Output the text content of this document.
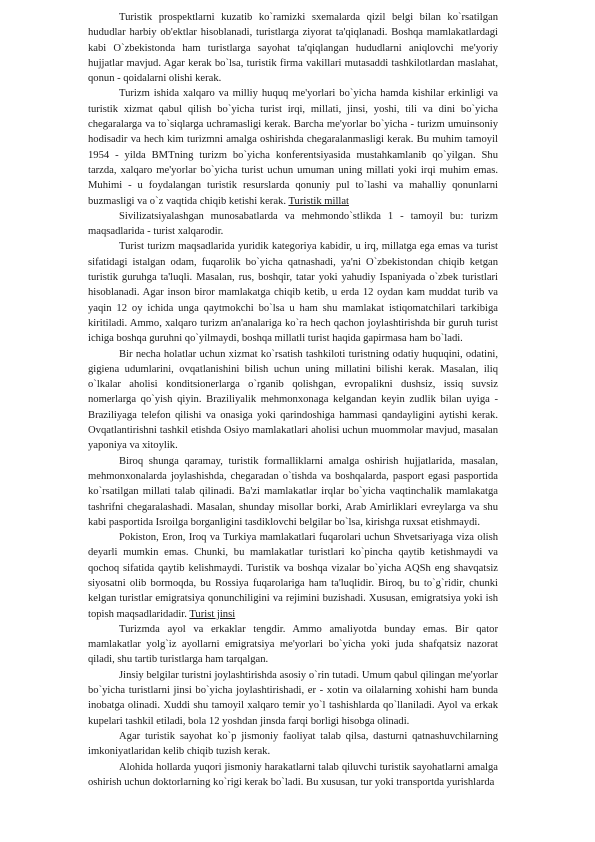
Turistik prospektlarni kuzatib ko`ramizki sxemalarda qizil belgi bilan ko`rsatilgan hududlar harbiy ob'ektlar hisoblanadi, turistlarga ziyorat ta'qiqlanadi. Boshqa mamlakatlardagi kabi O`zbekistonda ham turistlarga sayohat ta'qiqlangan hududlarni aniqlovchi me'yoriy hujjatlar mavjud. Agar kerak bo`lsa, turistik firma vakillari mutasaddi tashkilotlardan maslahat, qonun - qoidalarni olishi kerak.

Turizm ishida xalqaro va milliy huquq me'yorlari bo`yicha hamda kishilar erkinligi va turistik xizmat qabul qilish bo`yicha turist irqi, millati, jinsi, yoshi, tili va dini bo`yicha chegaralarga va to`siqlarga uchramasligi kerak. Barcha me'yorlar bo`yicha - turizm umuinsoniy hodisadir va hech kim turizmni amalga oshirishda chegaralanmasligi kerak. Bu muhim tamoyil 1954 - yilda BMTning turizm bo`yicha konferentsiyasida mustahkamlanib qo`yilgan. Shu tarzda, xalqaro me'yorlar bo`yicha turist uchun umuman uning millati yoki irqi muhim emas. Muhimi - u foydalangan turistik resurslarda qonuniy pul to`lashi va mahalliy qonunlarni buzmasligi va o`z vaqtida chiqib ketishi kerak. Turistik millat

Sivilizatsiyalashgan munosabatlarda va mehmondo`stlikda 1 - tamoyil bu: turizm maqsadlarida - turist xalqarodir.

Turist turizm maqsadlarida yuridik kategoriya kabidir, u irq, millatga ega emas va turist sifatidagi istalgan odam, fuqarolik bo`yicha qatnashadi, ya'ni O`zbekistondan chiqib ketgan turistik guruhga ta'luqli. Masalan, rus, boshqir, tatar yoki yahudiy Ispaniyada o`zbek turistlari hisoblanadi. Agar inson biror mamlakatga chiqib ketib, u erda 12 oydan kam muddat turib va yaqin 12 oy ichida unga qaytmokchi bo`lsa u ham shu mamlakat istiqomatchilari tarkibiga kiritiladi. Ammo, xalqaro turizm an'analariga ko`ra hech qachon joylashtirishda bir guruh turist ichiga boshqa guruhni qo`yilmaydi, boshqa millatli turist haqida gapirmasa ham bo`ladi.

Bir necha holatlar uchun xizmat ko`rsatish tashkiloti turistning odatiy huquqini, odatini, gigiena udumlarini, ovqatlanishini bilish uchun uning millatini bilishi kerak. Masalan, iliq o`lkalar aholisi konditsionerlarga o`rganib qolishgan, evropalikni dushsiz, issiq suvsiz nomerlarga qo`yish qiyin. Braziliyalik mehmonxonaga kelgandan keyin zudlik bilan uyiga - Braziliyaga telefon qilishi va onasiga yoki qarindoshiga hammasi qandayligini aytishi kerak. Ovqatlantirishni tashkil etishda Osiyo mamlakatlari aholisi uchun muommolar mavjud, masalan yaponiya va xitoylik.

Biroq shunga qaramay, turistik formalliklarni amalga oshirish hujjatlarida, masalan, mehmonxonalarda joylashishda, chegaradan o`tishda va boshqalarda, pasport egasi pasportida ko`rsatilgan millati talab qilinadi. Ba'zi mamlakatlar irqlar bo`yicha vaqtinchalik mamlakatga tashrifni chegaralashadi. Masalan, shunday misollar borki, Arab Amirliklari evreylarga va shu kabi pasportida Isroilga borganligini tasdiklovchi belgilar bo`lsa, kirishga ruxsat etishmaydi.

Pokiston, Eron, Iroq va Turkiya mamlakatlari fuqarolari uchun Shvetsariyaga viza olish deyarli mumkin emas. Chunki, bu mamlakatlar turistlari ko`pincha qaytib ketishmaydi va qochoq sifatida qaytib kelishmaydi. Turistik va boshqa vizalar bo`yicha AQSh eng shavqatsiz siyosatni olib bormoqda, bu Rossiya fuqarolariga ham ta'luqlidir. Biroq, bu to`g`ridir, chunki kelgan turistlar emigratsiya qonunchiligini va rejimini buzishadi. Xususan, emigratsiya yoki ish topish maqsadlaridadir. Turist jinsi

Turizmda ayol va erkaklar tengdir. Ammo amaliyotda bunday emas. Bir qator mamlakatlar yolg`iz ayollarni emigratsiya me'yorlari bo`yicha yoki juda shafqatsiz nazorat qiladi, shu tartib turistlarga ham tarqalgan.

Jinsiy belgilar turistni joylashtirishda asosiy o`rin tutadi. Umum qabul qilingan me'yorlar bo`yicha turistlarni jinsi bo`yicha joylashtirishadi, er - xotin va oilalarning xohishi ham bunda inobatga olinadi. Xuddi shu tamoyil xalqaro temir yo`l tashishlarda qo`llaniladi. Ayol va erkak kupelari tashkil etiladi, bola 12 yoshdan jinsda farqi borligi hisobga olinadi.

Agar turistik sayohat ko`p jismoniy faoliyat talab qilsa, dasturni qatnashuvchilarning imkoniyatlaridan kelib chiqib tuzish kerak.

Alohida hollarda yuqori jismoniy harakatlarni talab qiluvchi turistik sayohatlarni amalga oshirish uchun doktorlarning ko`rigi kerak bo`ladi. Bu xususan, tur yoki transportda yurishlarda
